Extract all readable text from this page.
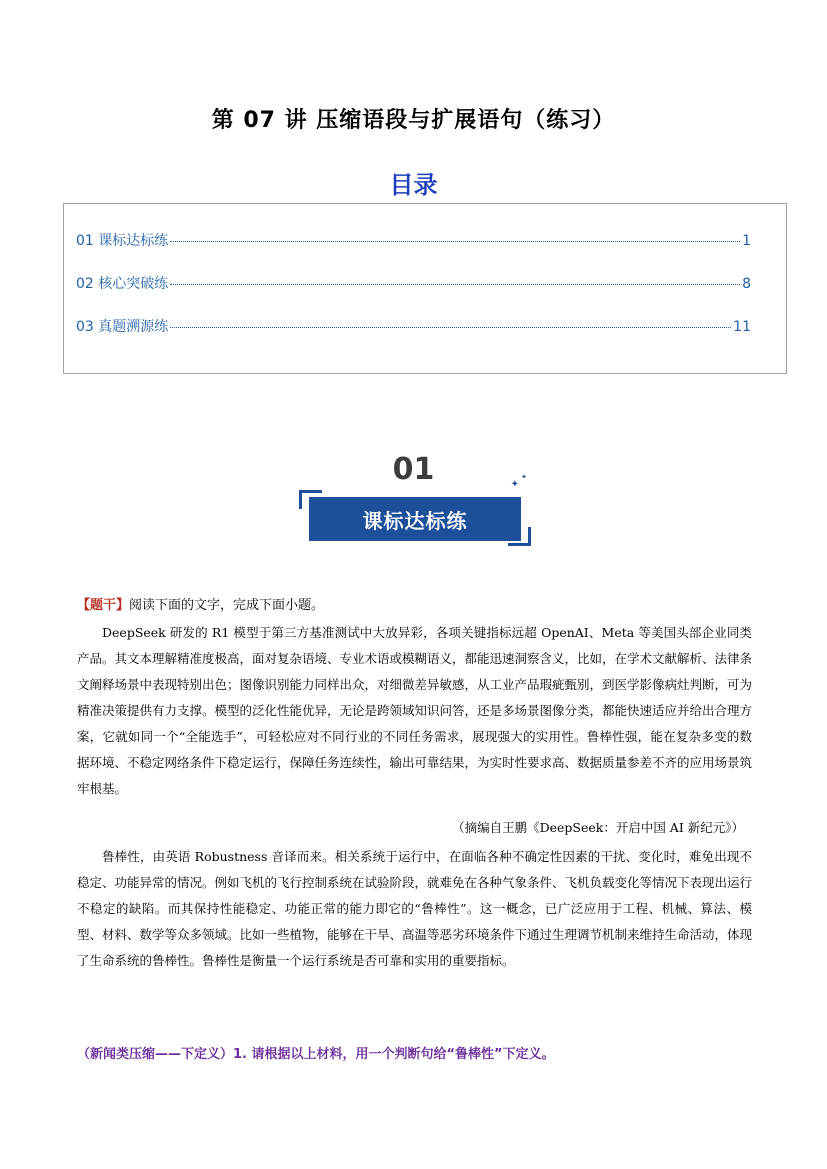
第 07 讲 压缩语段与扩展语句（练习）
目录
01 课标达标练	1
02 核心突破练	8
03 真题溯源练	11
01	✦
✦
课标达标练
【题干】阅读下面的文字，完成下面小题。

DeepSeek 研发的 R1 模型于第三方基准测试中大放异彩，各项关键指标远超 OpenAI、Meta 等美国头部企业同类产品。其文本理解精准度极高，面对复杂语境、专业术语或模糊语义，都能迅速洞察含义，比如，在学术文献解析、法律条文阐释场景中表现特别出色；图像识别能力同样出众，对细微差异敏感，从工业产品瑕疵甄别，到医学影像病灶判断，可为精准决策提供有力支撑。模型的泛化性能优异，无论是跨领域知识问答，还是多场景图像分类，都能快速适应并给出合理方案，它就如同一个“全能选手”，可轻松应对不同行业的不同任务需求，展现强大的实用性。鲁棒性强，能在复杂多变的数据环境、不稳定网络条件下稳定运行，保障任务连续性，输出可靠结果，为实时性要求高、数据质量参差不齐的应用场景筑牢根基。

（摘编自王鹏《DeepSeek：开启中国 AI 新纪元》）

鲁棒性，由英语 Robustness 音译而来。相关系统于运行中，在面临各种不确定性因素的干扰、变化时，难免出现不稳定、功能异常的情况。例如飞机的飞行控制系统在试验阶段，就难免在各种气象条件、飞机负载变化等情况下表现出运行不稳定的缺陷。而其保持性能稳定、功能正常的能力即它的“鲁棒性”。这一概念，已广泛应用于工程、机械、算法、模型、材料、数学等众多领域。比如一些植物，能够在干旱、高温等恶劣环境条件下通过生理调节机制来维持生命活动，体现了生命系统的鲁棒性。鲁棒性是衡量一个运行系统是否可靠和实用的重要指标。

（新闻类压缩——下定义）1. 请根据以上材料，用一个判断句给“鲁棒性”下定义。
